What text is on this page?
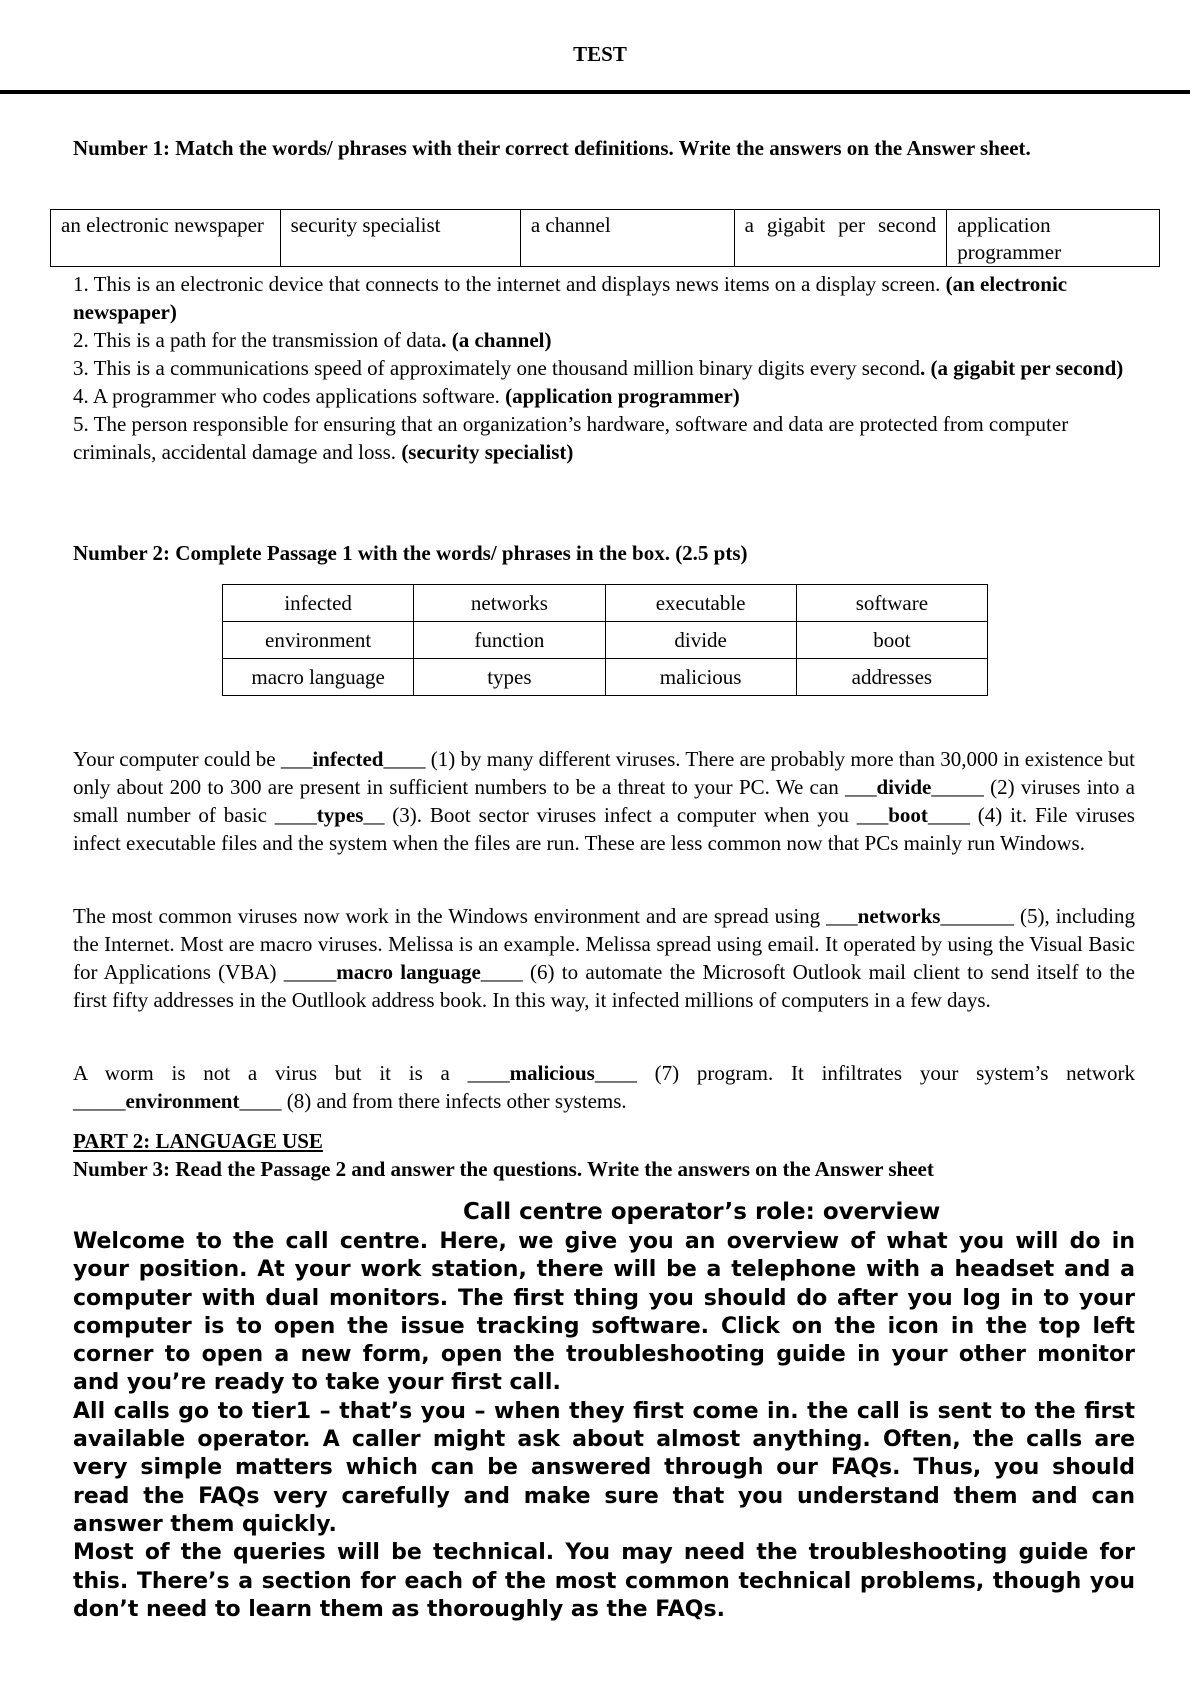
TEST
Number 1: Match the words/ phrases with their correct definitions. Write the answers on the Answer sheet.
an electronic newspaper	security specialist	a channel	a gigabit per second	application programmer

1. This is an electronic device that connects to the internet and displays news items on a display screen. (an electronic newspaper)

2. This is a path for the transmission of data. (a channel)

3. This is a communications speed of approximately one thousand million binary digits every second. (a gigabit per second)

4. A programmer who codes applications software. (application programmer)

5. The person responsible for ensuring that an organization’s hardware, software and data are protected from computer criminals, accidental damage and loss. (security specialist)

Number 2: Complete Passage 1 with the words/ phrases in the box. (2.5 pts)
infected	networks	executable	software
environment	function	divide	boot
macro language	types	malicious	addresses
Your computer could be ___infected____ (1) by many different viruses. There are probably more than 30,000 in existence but only about 200 to 300 are present in sufficient numbers to be a threat to your PC. We can ___divide_____ (2) viruses into a small number of basic ____types__ (3). Boot sector viruses infect a computer when you ___boot____ (4) it. File viruses infect executable files and the system when the files are run. These are less common now that PCs mainly run Windows.
The most common viruses now work in the Windows environment and are spread using ___networks_______ (5), including the Internet. Most are macro viruses. Melissa is an example. Melissa spread using email. It operated by using the Visual Basic for Applications (VBA) _____macro language____ (6) to automate the Microsoft Outlook mail client to send itself to the first fifty addresses in the Outllook address book. In this way, it infected millions of computers in a few days.
A worm is not a virus but it is a ____malicious____ (7) program. It infiltrates your system’s network _____environment____ (8) and from there infects other systems.
PART 2: LANGUAGE USE
Number 3: Read the Passage 2 and answer the questions. Write the answers on the Answer sheet
Call centre operator’s role: overview

Welcome to the call centre. Here, we give you an overview of what you will do in your position. At your work station, there will be a telephone with a headset and a computer with dual monitors. The first thing you should do after you log in to your computer is to open the issue tracking software. Click on the icon in the top left corner to open a new form, open the troubleshooting guide in your other monitor and you’re ready to take your first call.

All calls go to tier1 – that’s you – when they first come in. the call is sent to the first available operator. A caller might ask about almost anything. Often, the calls are very simple matters which can be answered through our FAQs. Thus, you should read the FAQs very carefully and make sure that you understand them and can answer them quickly.

Most of the queries will be technical. You may need the troubleshooting guide for this. There’s a section for each of the most common technical problems, though you don’t need to learn them as thoroughly as the FAQs.
